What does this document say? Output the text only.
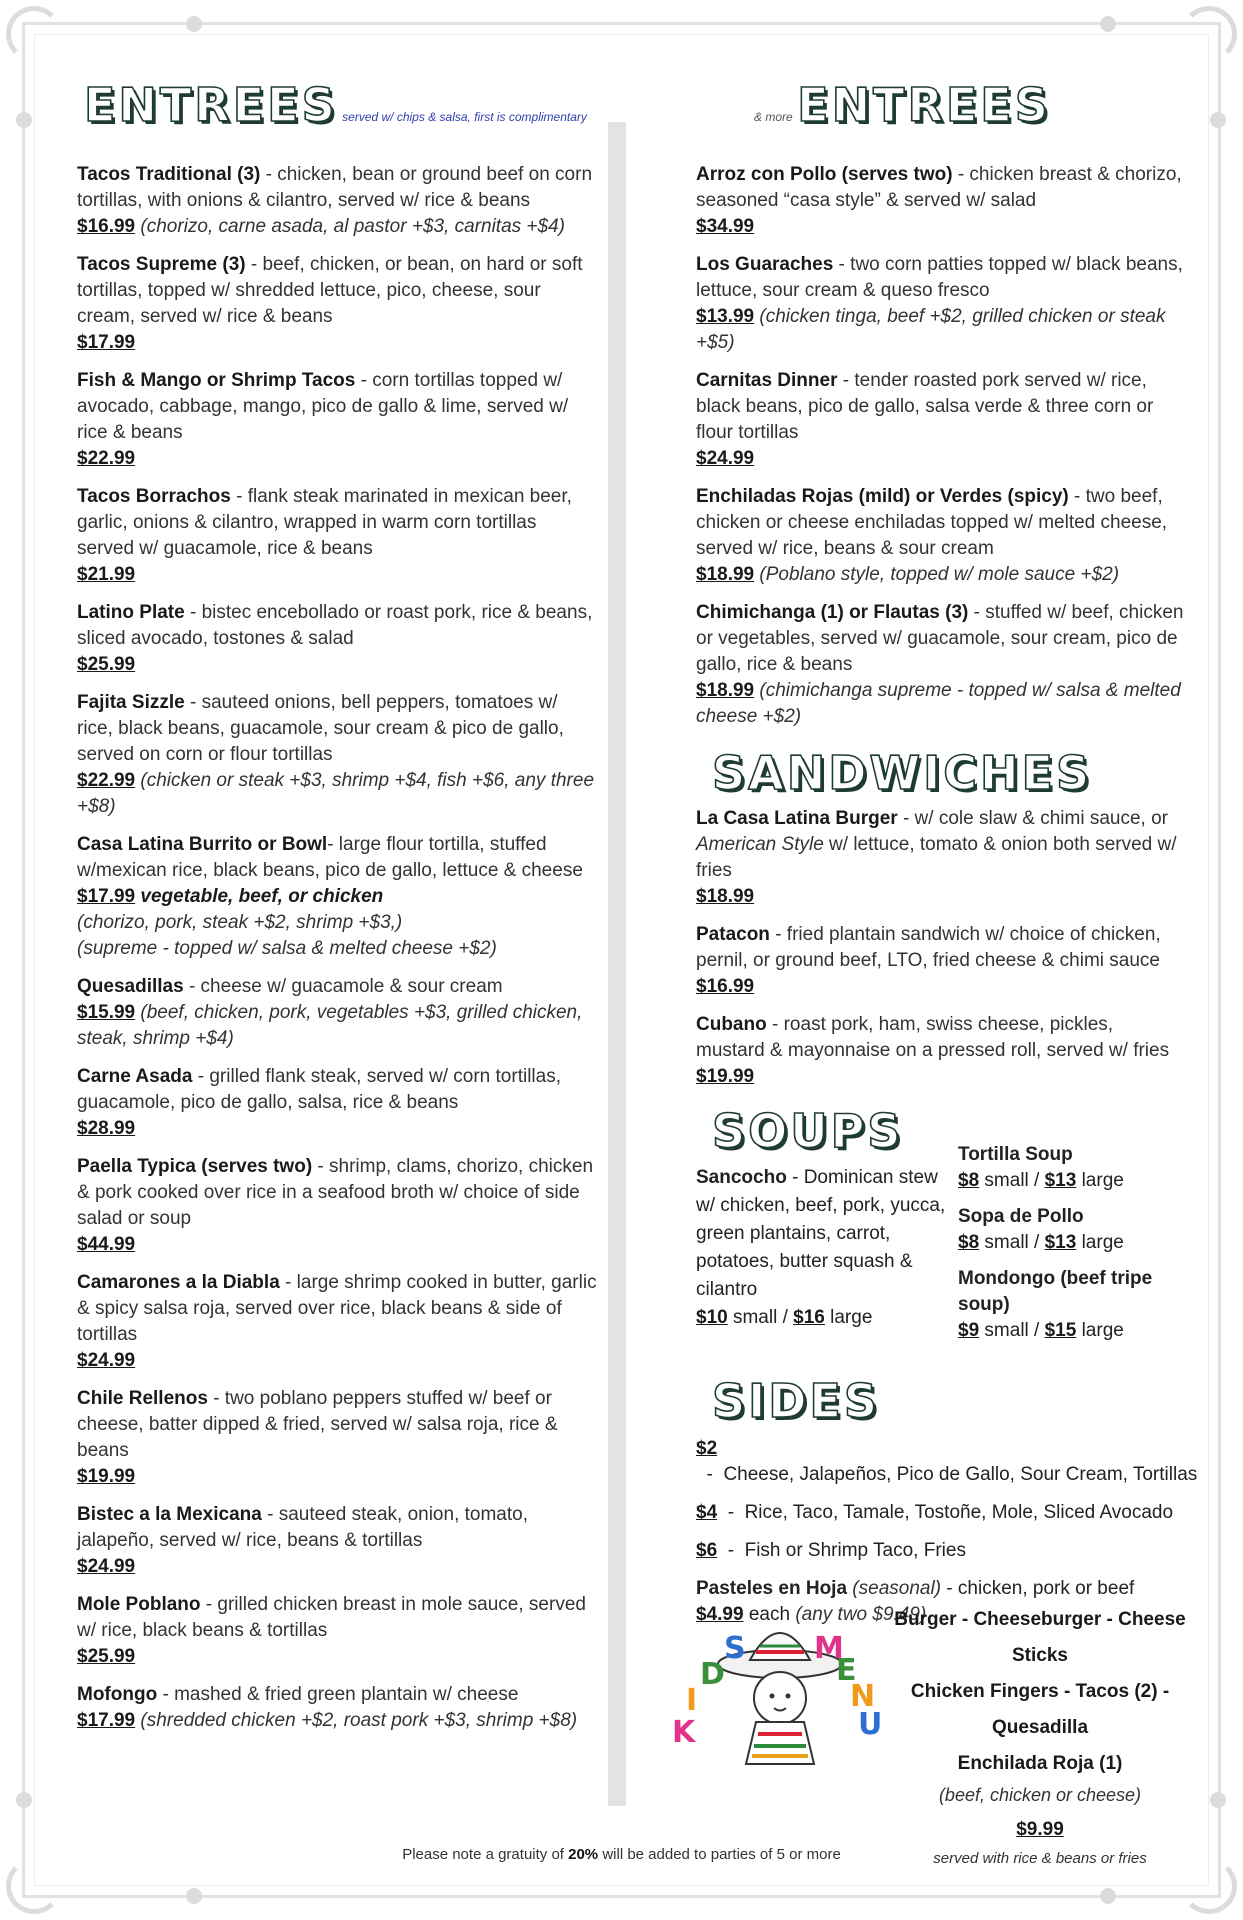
ENTREES served w/ chips & salsa, first is complimentary	& more ENTREES
Tacos Traditional (3) - chicken, bean or ground beef on corn tortillas, with onions & cilantro, served w/ rice & beans
$16.99 (chorizo, carne asada, al pastor +$3, carnitas +$4)
Tacos Supreme (3) - beef, chicken, or bean, on hard or soft tortillas, topped w/ shredded lettuce, pico, cheese, sour cream, served w/ rice & beans
$17.99
Fish & Mango or Shrimp Tacos - corn tortillas topped w/ avocado, cabbage, mango, pico de gallo & lime, served w/ rice & beans
$22.99
Tacos Borrachos - flank steak marinated in mexican beer, garlic, onions & cilantro, wrapped in warm corn tortillas served w/ guacamole, rice & beans
$21.99
Latino Plate - bistec encebollado or roast pork, rice & beans, sliced avocado, tostones & salad
$25.99
Fajita Sizzle - sauteed onions, bell peppers, tomatoes w/ rice, black beans, guacamole, sour cream & pico de gallo, served on corn or flour tortillas
$22.99 (chicken or steak +$3, shrimp +$4, fish +$6, any three +$8)
Casa Latina Burrito or Bowl- large flour tortilla, stuffed w/mexican rice, black beans, pico de gallo, lettuce & cheese
$17.99 vegetable, beef, or chicken
(chorizo, pork, steak +$2, shrimp +$3,)
(supreme - topped w/ salsa & melted cheese +$2)
Quesadillas - cheese w/ guacamole & sour cream
$15.99 (beef, chicken, pork, vegetables +$3, grilled chicken, steak, shrimp +$4)
Carne Asada - grilled flank steak, served w/ corn tortillas, guacamole, pico de gallo, salsa, rice & beans
$28.99
Paella Typica (serves two) - shrimp, clams, chorizo, chicken & pork cooked over rice in a seafood broth w/ choice of side salad or soup
$44.99
Camarones a la Diabla - large shrimp cooked in butter, garlic & spicy salsa roja, served over rice, black beans & side of tortillas
$24.99
Chile Rellenos - two poblano peppers stuffed w/ beef or cheese, batter dipped & fried, served w/ salsa roja, rice & beans
$19.99
Bistec a la Mexicana - sauteed steak, onion, tomato, jalapeño, served w/ rice, beans & tortillas
$24.99
Mole Poblano - grilled chicken breast in mole sauce, served w/ rice, black beans & tortillas
$25.99
Mofongo - mashed & fried green plantain w/ cheese
$17.99 (shredded chicken +$2, roast pork +$3, shrimp +$8)
Arroz con Pollo (serves two) - chicken breast & chorizo, seasoned “casa style” & served w/ salad
$34.99
Los Guaraches - two corn patties topped w/ black beans, lettuce, sour cream & queso fresco
$13.99 (chicken tinga, beef +$2, grilled chicken or steak +$5)
Carnitas Dinner - tender roasted pork served w/ rice, black beans, pico de gallo, salsa verde & three corn or flour tortillas
$24.99
Enchiladas Rojas (mild) or Verdes (spicy) - two beef, chicken or cheese enchiladas topped w/ melted cheese, served w/ rice, beans & sour cream
$18.99 (Poblano style, topped w/ mole sauce +$2)
Chimichanga (1) or Flautas (3) - stuffed w/ beef, chicken or vegetables, served w/ guacamole, sour cream, pico de gallo, rice & beans
$18.99 (chimichanga supreme - topped w/ salsa & melted cheese +$2)
SANDWICHES
La Casa Latina Burger - w/ cole slaw & chimi sauce, or American Style w/ lettuce, tomato & onion both served w/ fries
$18.99
Patacon - fried plantain sandwich w/ choice of chicken, pernil, or ground beef, LTO, fried cheese & chimi sauce
$16.99
Cubano - roast pork, ham, swiss cheese, pickles, mustard & mayonnaise on a pressed roll, served w/ fries
$19.99
SOUPS
Sancocho - Dominican stew w/ chicken, beef, pork, yucca, green plantains, carrot, potatoes, butter squash & cilantro
$10 small / $16 large
Tortilla Soup
$8 small / $13 large
Sopa de Pollo
$8 small / $13 large
Mondongo (beef tripe soup)
$9 small / $15 large
SIDES
$2  -  Cheese, Jalapeños, Pico de Gallo, Sour Cream, Tortillas
$4  -  Rice, Taco, Tamale, Tostoñe, Mole, Sliced Avocado
$6  -  Fish or Shrimp Taco, Fries
Pasteles en Hoja (seasonal) - chicken, pork or beef
$4.99 each (any two $9.49)
K
I
D
S M
E
N
U
Burger - Cheeseburger - Cheese Sticks
Chicken Fingers - Tacos (2) - Quesadilla
Enchilada Roja (1)
(beef, chicken or cheese)
$9.99
served with rice & beans or fries
Please note a gratuity of 20% will be added to parties of 5 or more
